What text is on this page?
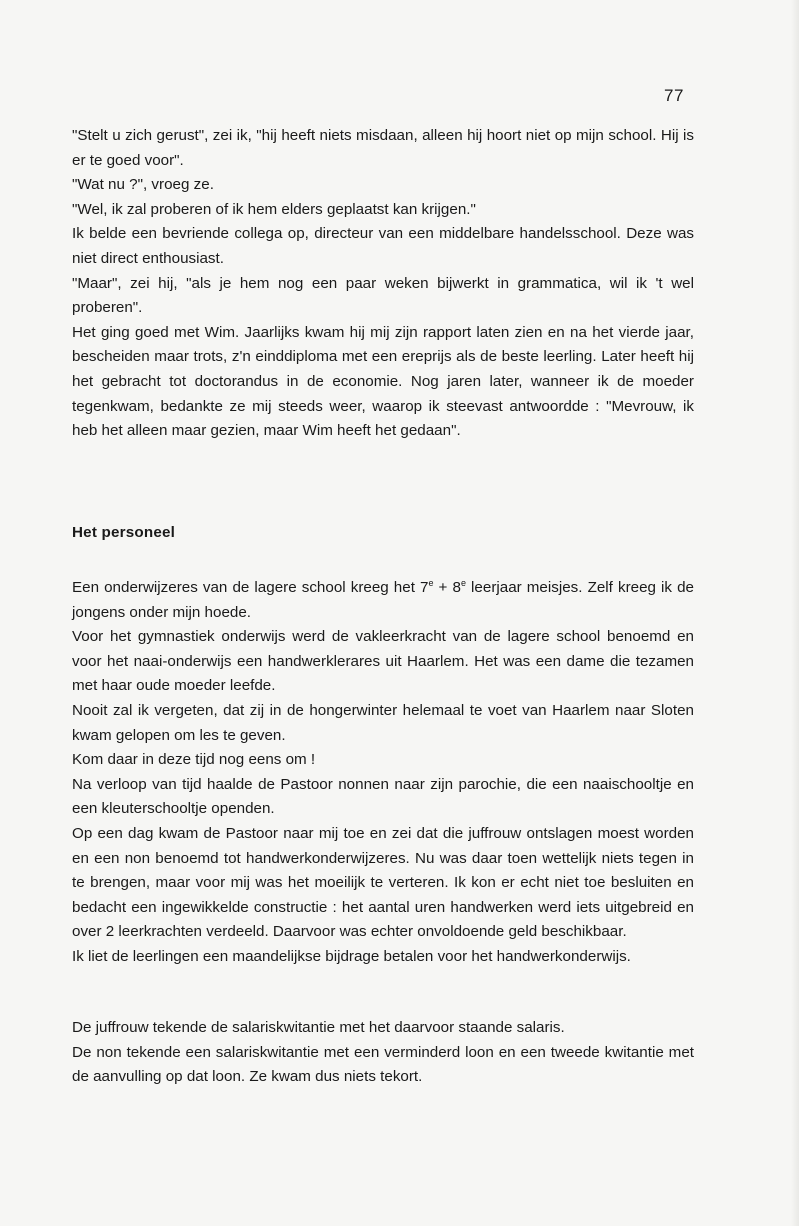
77

"Stelt u zich gerust", zei ik, "hij heeft niets misdaan, alleen hij hoort niet op mijn school. Hij is er te goed voor".

"Wat nu ?", vroeg ze.

"Wel, ik zal proberen of ik hem elders geplaatst kan krijgen."

Ik belde een bevriende collega op, directeur van een middelbare handelsschool. Deze was niet direct enthousiast.

"Maar", zei hij, "als je hem nog een paar weken bijwerkt in grammatica, wil ik 't wel proberen".

Het ging goed met Wim. Jaarlijks kwam hij mij zijn rapport laten zien en na het vierde jaar, bescheiden maar trots, z'n einddiploma met een ereprijs als de beste leerling. Later heeft hij het gebracht tot doctorandus in de economie. Nog jaren later, wanneer ik de moeder tegenkwam, bedankte ze mij steeds weer, waarop ik steevast antwoordde : "Mevrouw, ik heb het alleen maar gezien, maar Wim heeft het gedaan".

Het personeel

Een onderwijzeres van de lagere school kreeg het $7^e + 8^e$ leerjaar meisjes. Zelf kreeg ik de jongens onder mijn hoede.

Voor het gymnastiek onderwijs werd de vakleerkracht van de lagere school benoemd en voor het naai-onderwijs een handwerklerares uit Haarlem. Het was een dame die tezamen met haar oude moeder leefde.

Nooit zal ik vergeten, dat zij in de hongerwinter helemaal te voet van Haarlem naar Sloten kwam gelopen om les te geven.

Kom daar in deze tijd nog eens om !

Na verloop van tijd haalde de Pastoor nonnen naar zijn parochie, die een naaischooltje en een kleuterschooltje openden.

Op een dag kwam de Pastoor naar mij toe en zei dat die juffrouw ontslagen moest worden en een non benoemd tot handwerkonderwijzeres. Nu was daar toen wettelijk niets tegen in te brengen, maar voor mij was het moeilijk te verteren. Ik kon er echt niet toe besluiten en bedacht een ingewikkelde constructie : het aantal uren handwerken werd iets uitgebreid en over 2 leerkrachten verdeeld. Daarvoor was echter onvoldoende geld beschikbaar.

Ik liet de leerlingen een maandelijkse bijdrage betalen voor het handwerkonderwijs.

De juffrouw tekende de salariskwitantie met het daarvoor staande salaris.

De non tekende een salariskwitantie met een verminderd loon en een tweede kwitantie met de aanvulling op dat loon. Ze kwam dus niets tekort.
